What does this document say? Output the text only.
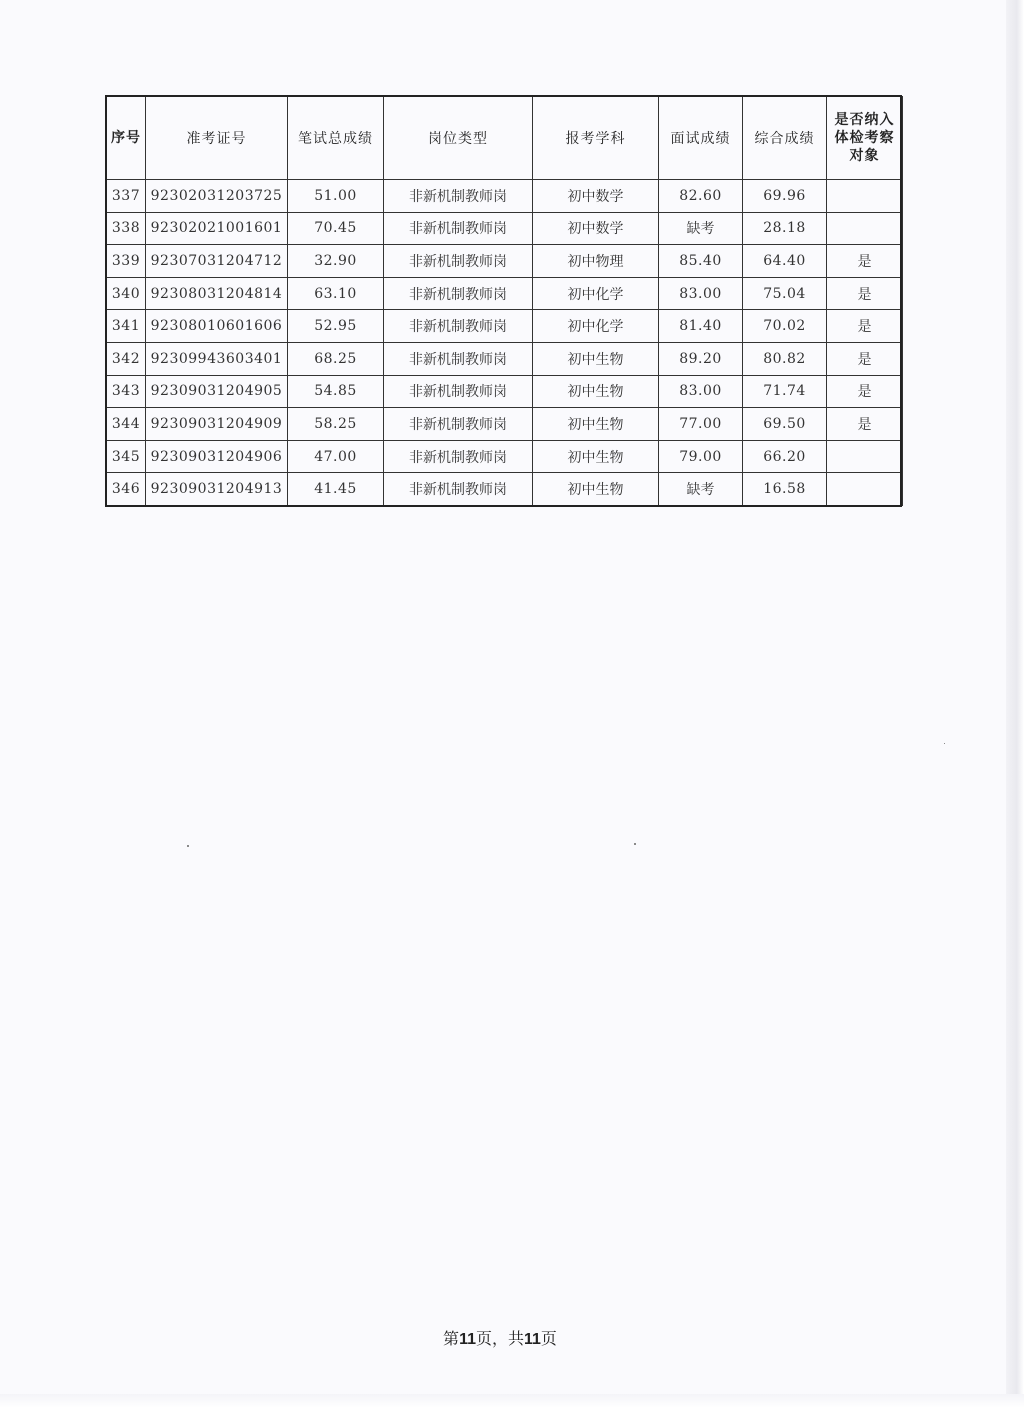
序号	准考证号	笔试总成绩	岗位类型	报考学科	面试成绩	综合成绩	是否纳入体检考察对象
337	92302031203725	51.00	非新机制教师岗	初中数学	82.60	69.96	
338	92302021001601	70.45	非新机制教师岗	初中数学	缺考	28.18	
339	92307031204712	32.90	非新机制教师岗	初中物理	85.40	64.40	是
340	92308031204814	63.10	非新机制教师岗	初中化学	83.00	75.04	是
341	92308010601606	52.95	非新机制教师岗	初中化学	81.40	70.02	是
342	92309943603401	68.25	非新机制教师岗	初中生物	89.20	80.82	是
343	92309031204905	54.85	非新机制教师岗	初中生物	83.00	71.74	是
344	92309031204909	58.25	非新机制教师岗	初中生物	77.00	69.50	是
345	92309031204906	47.00	非新机制教师岗	初中生物	79.00	66.20	
346	92309031204913	41.45	非新机制教师岗	初中生物	缺考	16.58	
第11页，共11页
